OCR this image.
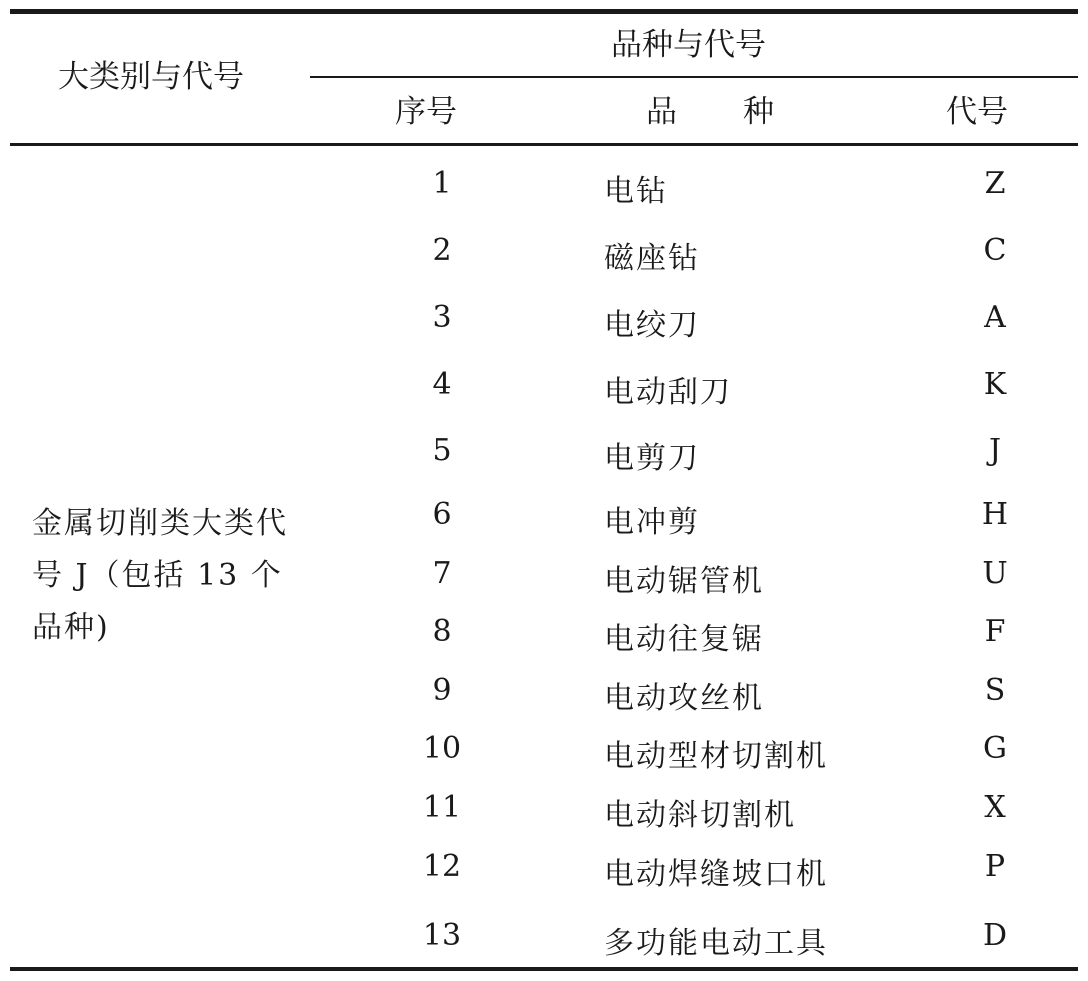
大类别与代号
品种与代号
序号	品 种	代号
金属切削类大类代号 J（包括 13 个品种)
1	电钻	Z
2	磁座钻	C
3	电绞刀	A
4	电动刮刀	K
5	电剪刀	J
6	电冲剪	H
7	电动锯管机	U
8	电动往复锯	F
9	电动攻丝机	S
10	电动型材切割机	G
11	电动斜切割机	X
12	电动焊缝坡口机	P
13	多功能电动工具	D
